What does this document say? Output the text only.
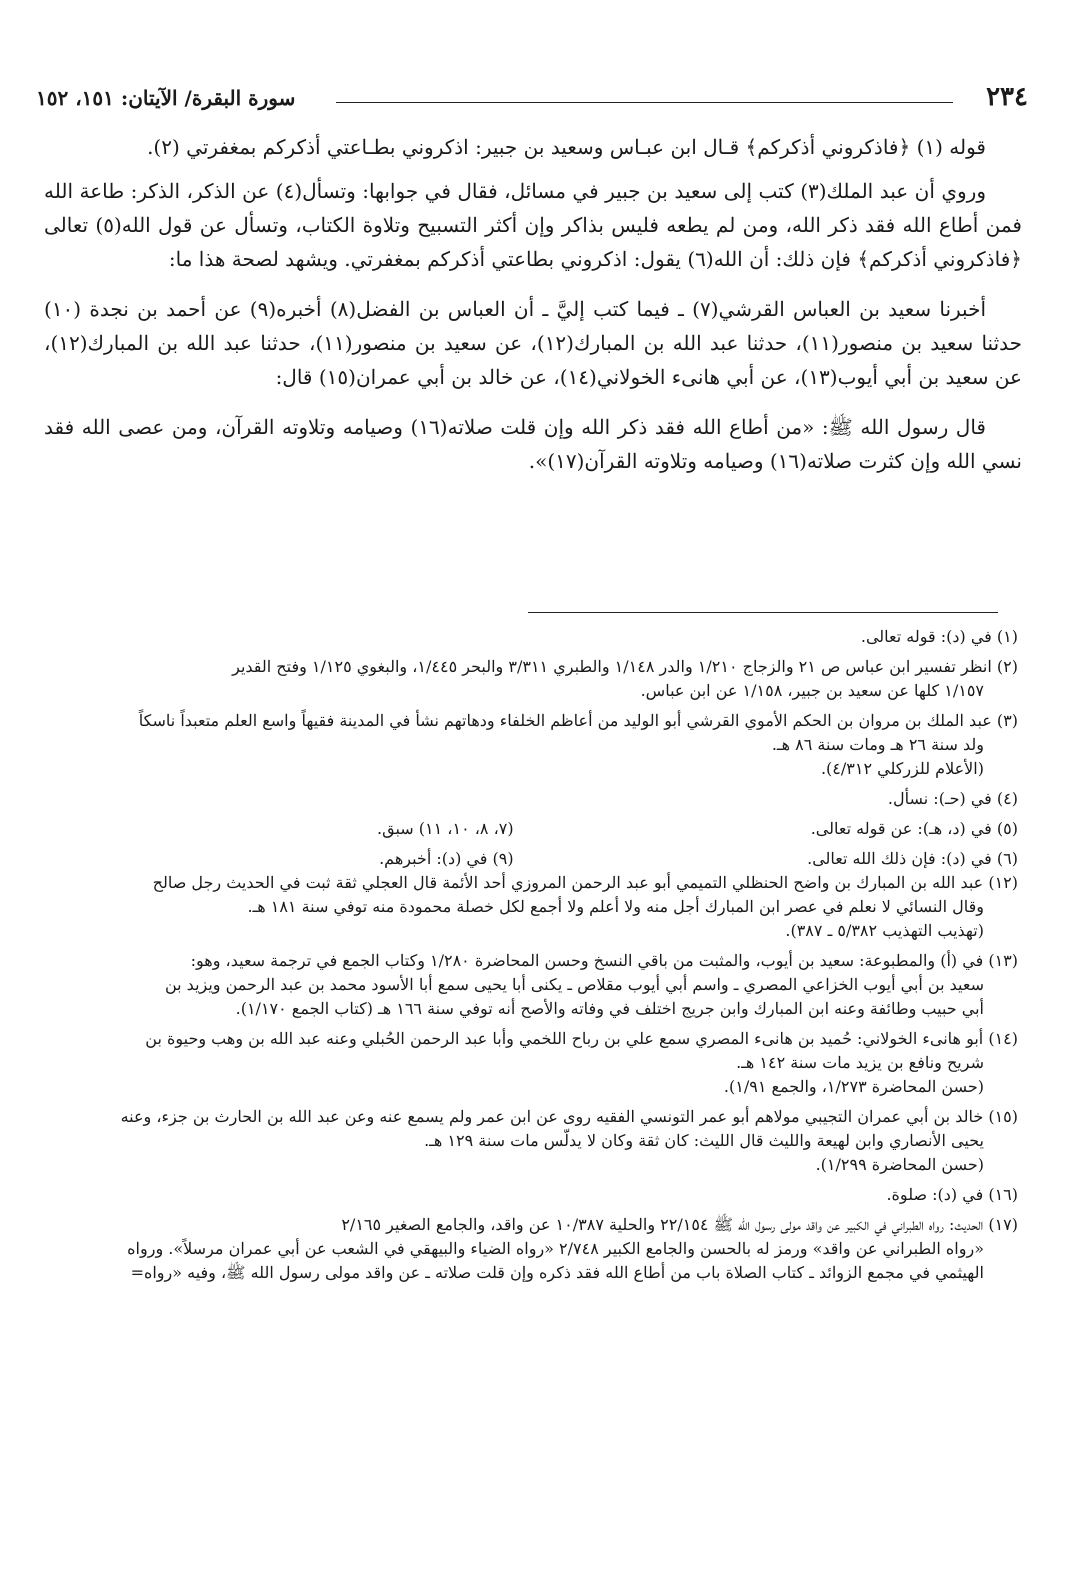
٢٣٤
سورة البقرة/ الآيتان: ١٥١، ١٥٢

قوله (١) ﴿فاذكروني أذكركم﴾ قـال ابن عبـاس وسعيد بن جبير: اذكروني بطـاعتي أذكركم بمغفرتي (٢).

وروي أن عبد الملك(٣) كتب إلى سعيد بن جبير في مسائل، فقال في جوابها: وتسأل(٤) عن الذكر، الذكر: طاعة الله فمن أطاع الله فقد ذكر الله، ومن لم يطعه فليس بذاكر وإن أكثر التسبيح وتلاوة الكتاب، وتسأل عن قول الله(٥) تعالى ﴿فاذكروني أذكركم﴾ فإن ذلك: أن الله(٦) يقول: اذكروني بطاعتي أذكركم بمغفرتي. ويشهد لصحة هذا ما:

أخبرنا سعيد بن العباس القرشي(٧) ـ فيما كتب إليَّ ـ أن العباس بن الفضل(٨) أخبره(٩) عن أحمد بن نجدة (١٠) حدثنا سعيد بن منصور(١١)، حدثنا عبد الله بن المبارك(١٢)، عن سعيد بن منصور(١١)، حدثنا عبد الله بن المبارك(١٢)، عن سعيد بن أبي أيوب(١٣)، عن أبي هانىء الخولاني(١٤)، عن خالد بن أبي عمران(١٥) قال:

قال رسول الله ﷺ: «من أطاع الله فقد ذكر الله وإن قلت صلاته(١٦) وصيامه وتلاوته القرآن، ومن عصى الله فقد نسي الله وإن كثرت صلاته(١٦) وصيامه وتلاوته القرآن(١٧)».

(١) في (د): قوله تعالى.

(٢) انظر تفسير ابن عباس ص ٢١ والزجاج ١/٢١٠ والدر ١/١٤٨ والطبري ٣/٣١١ والبحر ١/٤٤٥، والبغوي ١/١٢٥ وفتح القدير
١/١٥٧ كلها عن سعيد بن جبير، ١/١٥٨ عن ابن عباس.

(٣) عبد الملك بن مروان بن الحكم الأموي القرشي أبو الوليد من أعاظم الخلفاء ودهاتهم نشأ في المدينة فقيهاً واسع العلم متعبداً ناسكاً
ولد سنة ٢٦ هـ ومات سنة ٨٦ هـ.
(الأعلام للزركلي ٤/٣١٢).

(٤) في (حـ): نسأل.

(٥) في (د، هـ): عن قوله تعالى.
(٧، ٨، ١٠، ١١) سبق.
(٦) في (د): فإن ذلك الله تعالى.
(٩) في (د): أخبرهم.

(١٢) عبد الله بن المبارك بن واضح الحنظلي التميمي أبو عبد الرحمن المروزي أحد الأئمة قال العجلي ثقة ثبت في الحديث رجل صالح
وقال النسائي لا نعلم في عصر ابن المبارك أجل منه ولا أعلم ولا أجمع لكل خصلة محمودة منه توفي سنة ١٨١ هـ.
(تهذيب التهذيب ٥/٣٨٢ ـ ٣٨٧).

(١٣) في (أ) والمطبوعة: سعيد بن أيوب، والمثبت من باقي النسخ وحسن المحاضرة ١/٢٨٠ وكتاب الجمع في ترجمة سعيد، وهو:
سعيد بن أبي أيوب الخزاعي المصري ـ واسم أبي أيوب مقلاص ـ يكنى أبا يحيى سمع أبا الأسود محمد بن عبد الرحمن ويزيد بن
أبي حبيب وطائفة وعنه ابن المبارك وابن جريج اختلف في وفاته والأصح أنه توفي سنة ١٦٦ هـ (كتاب الجمع ١/١٧٠).

(١٤) أبو هانىء الخولاني: حُميد بن هانىء المصري سمع علي بن رباح اللخمي وأبا عبد الرحمن الحُبلي وعنه عبد الله بن وهب وحيوة بن
شريح ونافع بن يزيد مات سنة ١٤٢ هـ.
(حسن المحاضرة ١/٢٧٣، والجمع ١/٩١).

(١٥) خالد بن أبي عمران التجيبي مولاهم أبو عمر التونسي الفقيه روى عن ابن عمر ولم يسمع عنه وعن عبد الله بن الحارث بن جزء، وعنه
يحيى الأنصاري وابن لهيعة والليث قال الليث: كان ثقة وكان لا يدلّس مات سنة ١٢٩ هـ.
(حسن المحاضرة ١/٢٩٩).

(١٦) في (د): صلوة.

(١٧) الحديث: رواه الطبراني في الكبير عن واقد مولى رسول الله ﷺ ٢٢/١٥٤ والحلية ١٠/٣٨٧ عن واقد، والجامع الصغير ٢/١٦٥
«رواه الطبراني عن واقد» ورمز له بالحسن والجامع الكبير ٢/٧٤٨ «رواه الضياء والبيهقي في الشعب عن أبي عمران مرسلاً». ورواه
الهيثمي في مجمع الزوائد ـ كتاب الصلاة باب من أطاع الله فقد ذكره وإن قلت صلاته ـ عن واقد مولى رسول الله ﷺ، وفيه «رواه=
